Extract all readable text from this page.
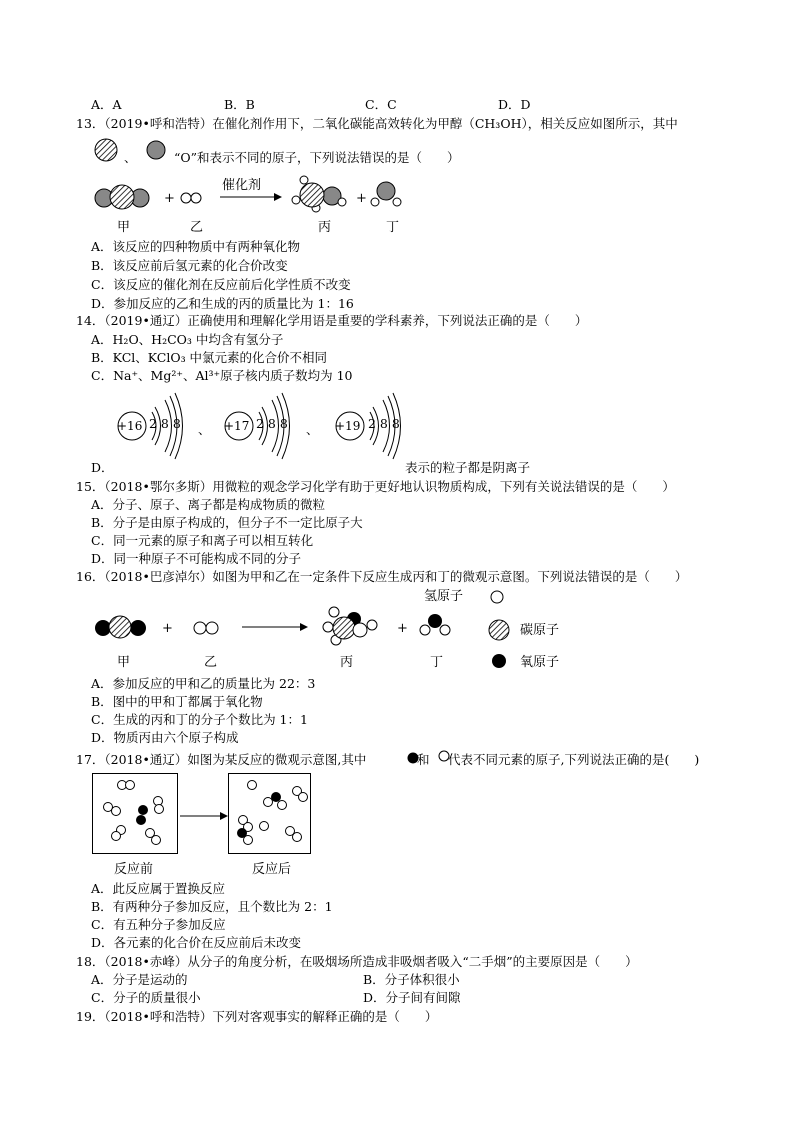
A．A	B．B	C．C	D．D
13．（2019•呼和浩特）在催化剂作用下，二氧化碳能高效转化为甲醇（CH₃OH），相关反应如图所示，其中
、	“O”和表示不同的原子，下列说法错误的是（　　）
+	+
催化剂
甲	乙	丙	丁
A．该反应的四种物质中有两种氧化物
B．该反应前后氢元素的化合价改变
C．该反应的催化剂在反应前后化学性质不改变
D．参加反应的乙和生成的丙的质量比为 1：16
14．（2019•通辽）正确使用和理解化学用语是重要的学科素养，下列说法正确的是（　　）
A．H₂O、H₂CO₃ 中均含有氢分子
B．KCl、KClO₃ 中氯元素的化合价不相同
C．Na⁺、Mg²⁺、Al³⁺原子核内质子数均为 10
+16 2 8 8 、 +17 2 8 8 、 +19 2 8 8
D．	表示的粒子都是阴离子
15．（2018•鄂尔多斯）用微粒的观念学习化学有助于更好地认识物质构成，下列有关说法错误的是（　　）
A．分子、原子、离子都是构成物质的微粒
B．分子是由原子构成的，但分子不一定比原子大
C．同一元素的原子和离子可以相互转化
D．同一种原子不可能构成不同的分子
16．（2018•巴彦淖尔）如图为甲和乙在一定条件下反应生成丙和丁的微观示意图。下列说法错误的是（　　）
+	+
氢原子
碳原子
氧原子
甲	乙	丙	丁
A．参加反应的甲和乙的质量比为 22：3
B．图中的甲和丁都属于氧化物
C．生成的丙和丁的分子个数比为 1：1
D．物质丙由六个原子构成
17．（2018•通辽）如图为某反应的微观示意图,其中	和 代表不同元素的原子,下列说法正确的是(　　)
反应前	反应后
A．此反应属于置换反应
B．有两种分子参加反应，且个数比为 2：1
C．有五种分子参加反应
D．各元素的化合价在反应前后未改变
18．（2018•赤峰）从分子的角度分析，在吸烟场所造成非吸烟者吸入“二手烟”的主要原因是（　　）
A．分子是运动的	B．分子体积很小
C．分子的质量很小	D．分子间有间隙
19．（2018•呼和浩特）下列对客观事实的解释正确的是（　　）
